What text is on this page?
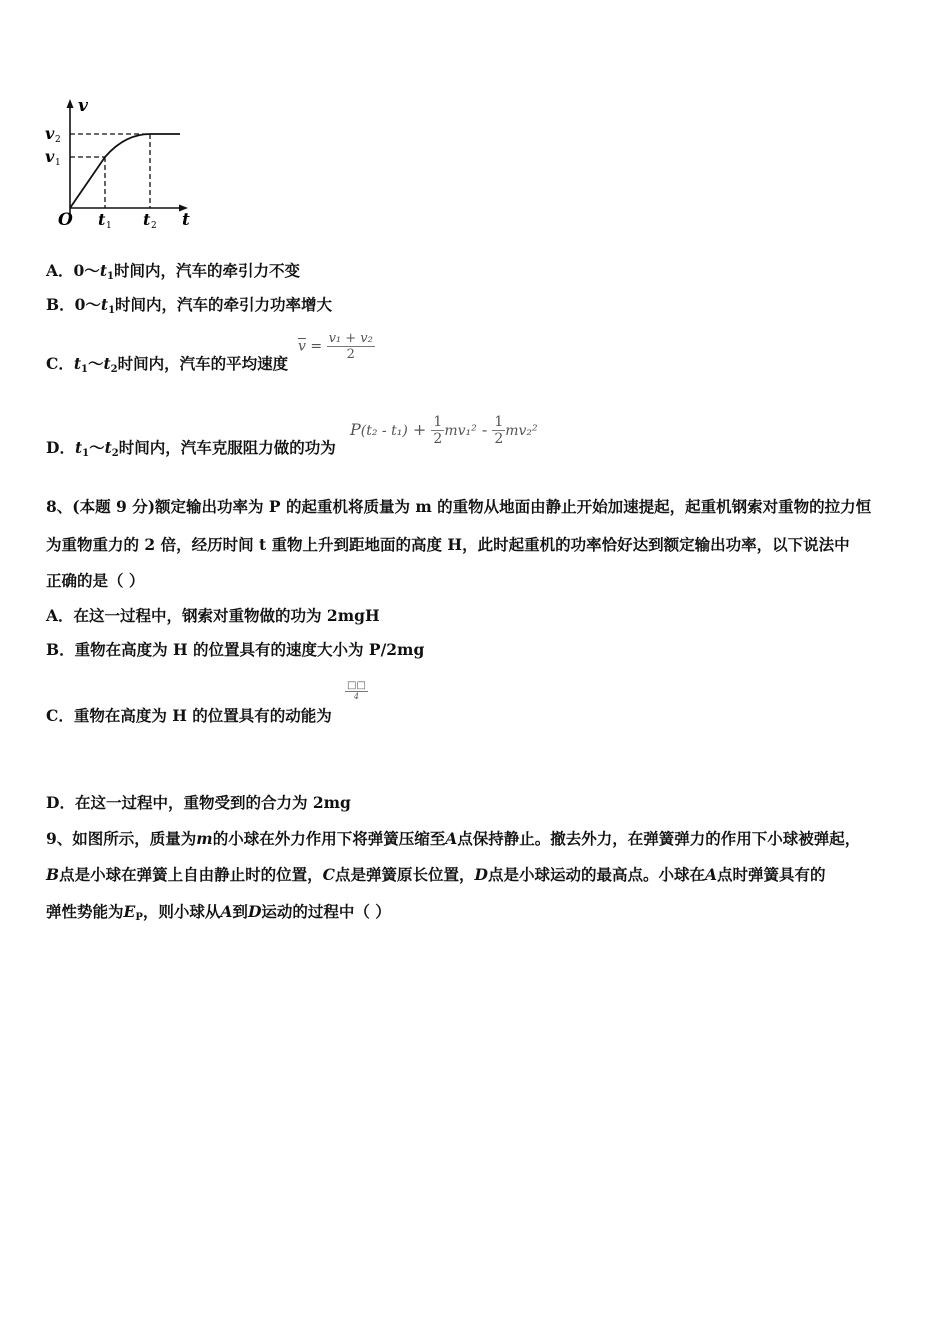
v
v 2
v 1
O t 1 t 2 t
A．$0\sim t_1$时间内，汽车的牵引力不变
B．$0\sim t_1$时间内，汽车的牵引力功率增大
C．$t_1\sim t_2$时间内，汽车的平均速度
$\overline{v} = \frac{\text{v₁ + v₂}}{2}$
D．$t_1\sim t_2$时间内，汽车克服阻力做的功为
$P(t_2 - t_1) + \frac{1}{2} mv_1^2 - \frac{1}{2} mv_2^2$
8、(本题 9 分)额定输出功率为 P 的起重机将质量为 m 的重物从地面由静止开始加速提起，起重机钢索对重物的拉力恒
为重物重力的 2 倍，经历时间 t 重物上升到距地面的高度 H，此时起重机的功率恰好达到额定输出功率，以下说法中
正确的是（ ）
A．在这一过程中，钢索对重物做的功为 2mgH
B．重物在高度为 H 的位置具有的速度大小为 P/2mg
C．重物在高度为 H 的位置具有的动能为
$\frac{□□}{4}$
D．在这一过程中，重物受到的合力为 2mg
9、如图所示，质量为m的小球在外力作用下将弹簧压缩至A点保持静止。撤去外力，在弹簧弹力的作用下小球被弹起，
B点是小球在弹簧上自由静止时的位置，C点是弹簧原长位置，D点是小球运动的最高点。小球在A点时弹簧具有的
弹性势能为$E_P$，则小球从A到D运动的过程中（ ）
